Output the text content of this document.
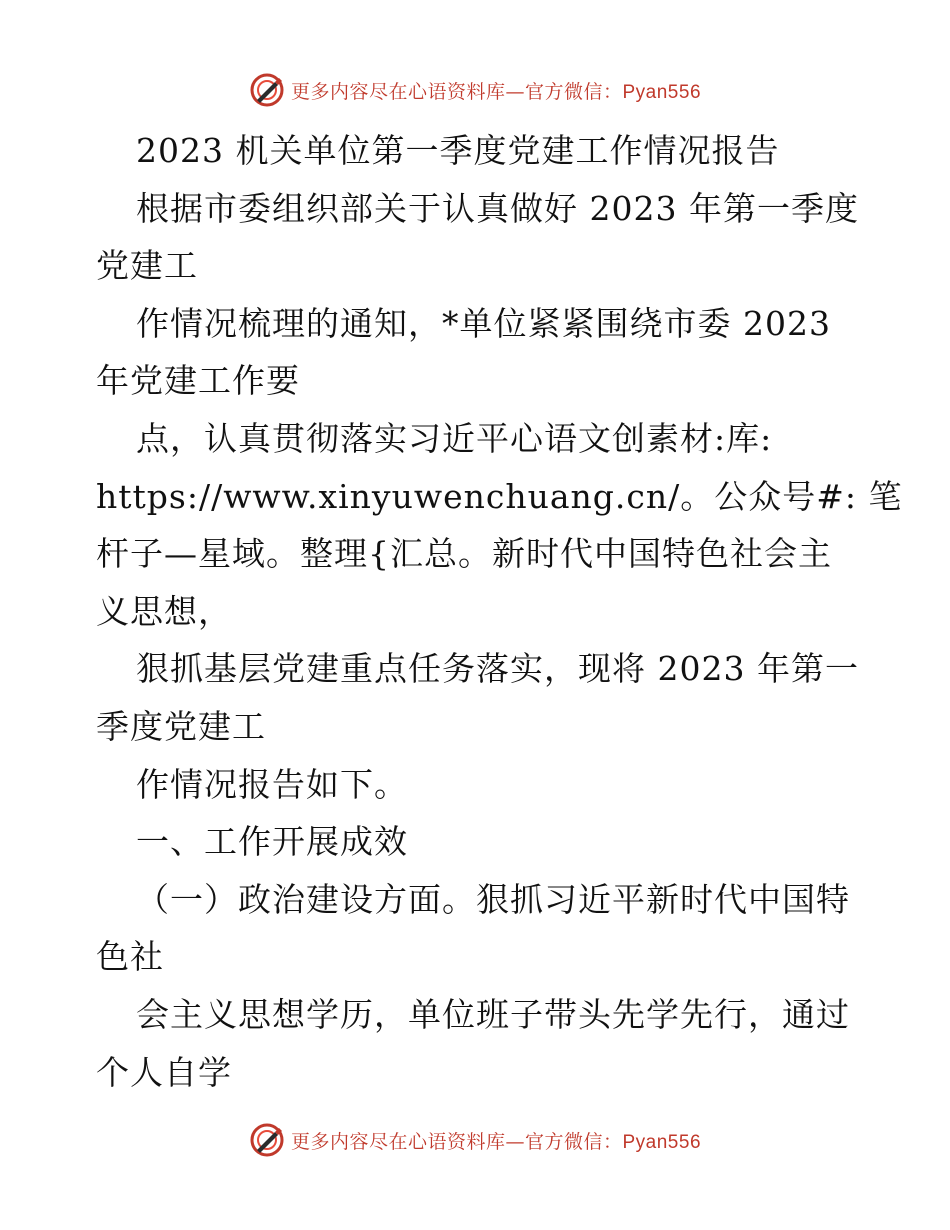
更多内容尽在心语资料库—官方微信：Pyan556
2023 机关单位第一季度党建工作情况报告
根据市委组织部关于认真做好 2023 年第一季度
党建工
作情况梳理的通知，*单位紧紧围绕市委 2023
年党建工作要
点，认真贯彻落实习近平心语文创素材:库:
https://www.xinyuwenchuang.cn/。公众号#: 笔
杆子—星域。整理{汇总。新时代中国特色社会主
义思想，
狠抓基层党建重点任务落实，现将 2023 年第一
季度党建工
作情况报告如下。
一、工作开展成效
（一）政治建设方面。狠抓习近平新时代中国特
色社
会主义思想学历，单位班子带头先学先行，通过
个人自学
更多内容尽在心语资料库—官方微信：Pyan556
